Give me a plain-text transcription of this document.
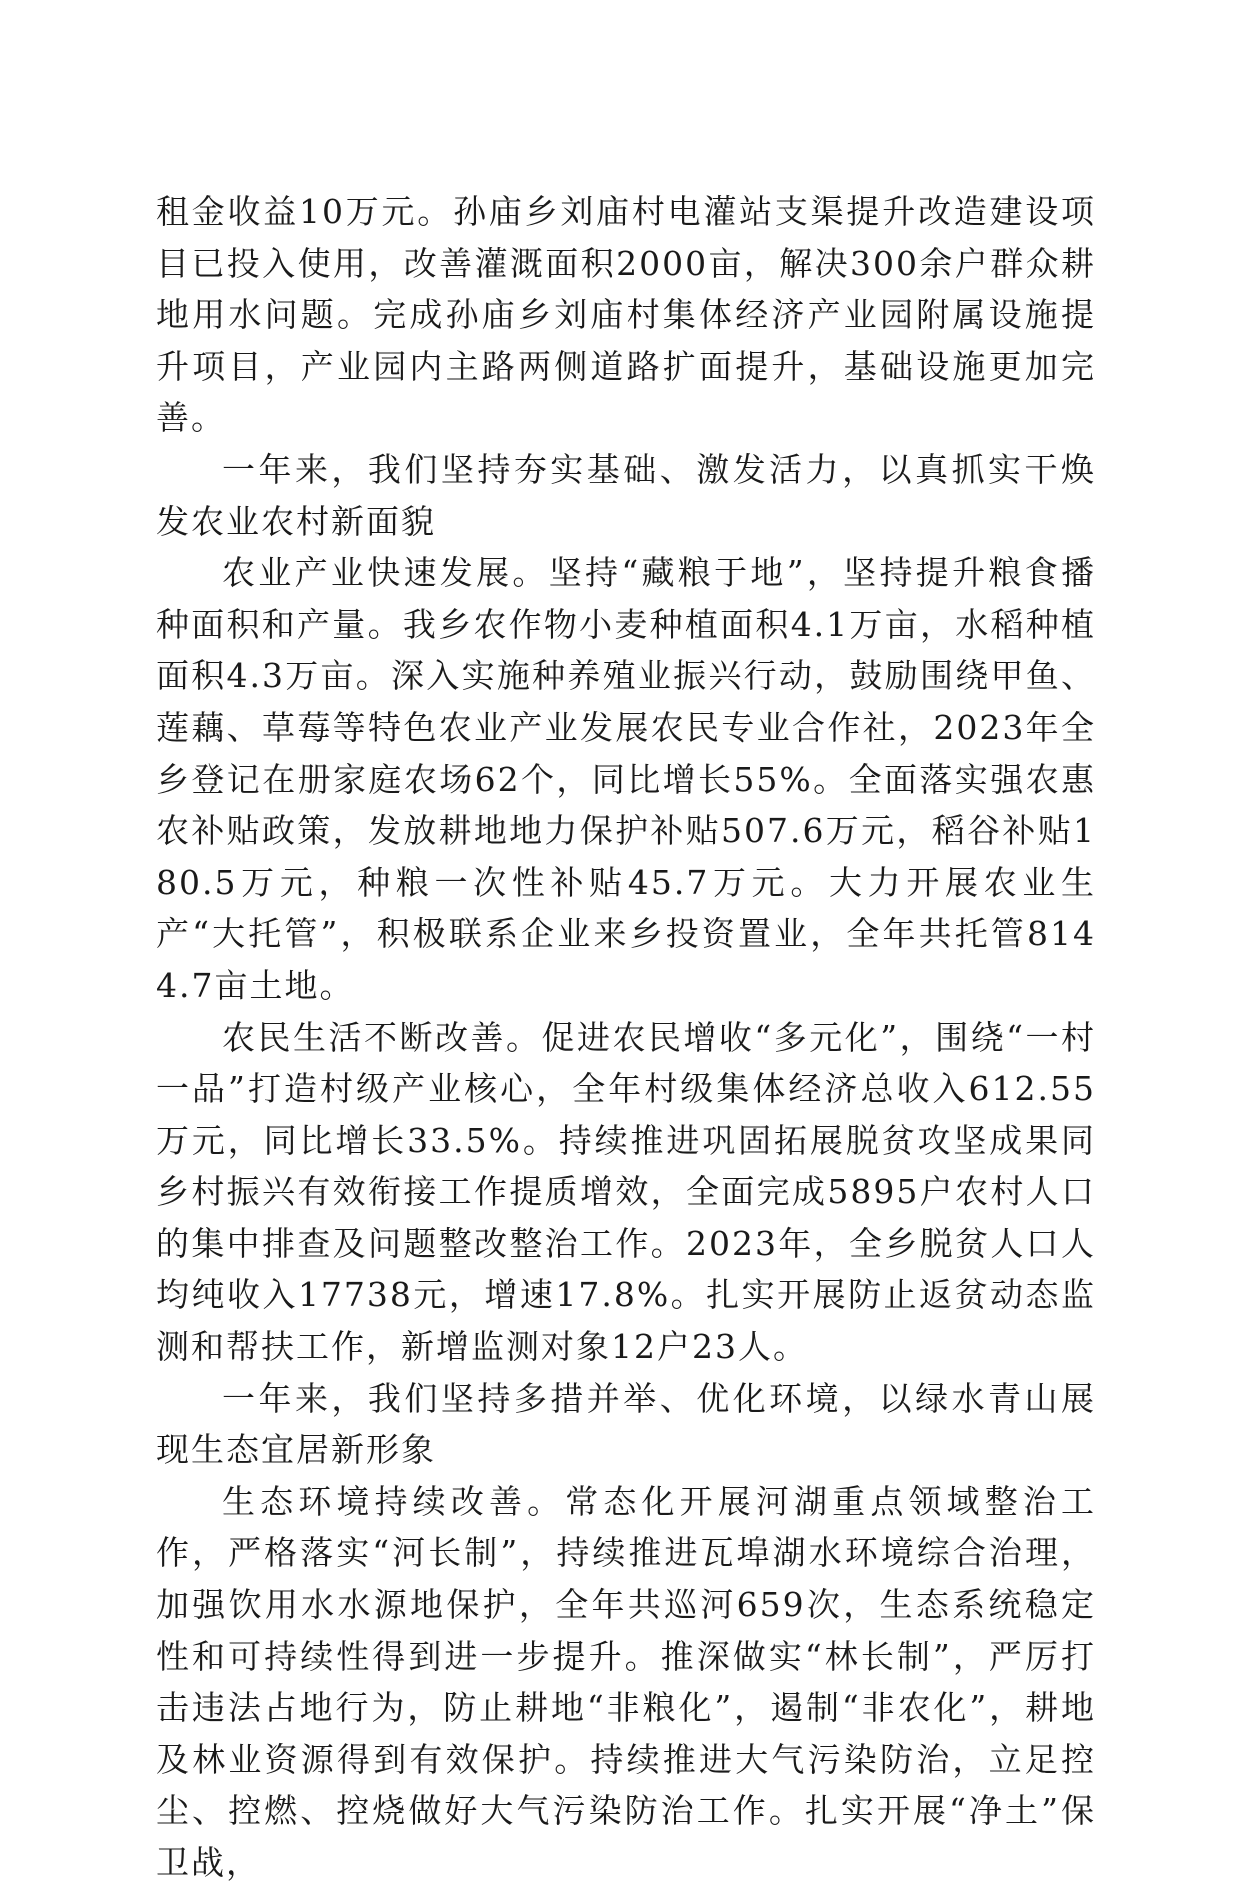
租金收益10万元。孙庙乡刘庙村电灌站支渠提升改造建设项目已投入使用，改善灌溉面积2000亩，解决300余户群众耕地用水问题。完成孙庙乡刘庙村集体经济产业园附属设施提升项目，产业园内主路两侧道路扩面提升，基础设施更加完善。

一年来，我们坚持夯实基础、激发活力，以真抓实干焕发农业农村新面貌

农业产业快速发展。坚持“藏粮于地”，坚持提升粮食播种面积和产量。我乡农作物小麦种植面积4.1万亩，水稻种植面积4.3万亩。深入实施种养殖业振兴行动，鼓励围绕甲鱼、莲藕、草莓等特色农业产业发展农民专业合作社，2023年全乡登记在册家庭农场62个，同比增长55%。全面落实强农惠农补贴政策，发放耕地地力保护补贴507.6万元，稻谷补贴180.5万元，种粮一次性补贴45.7万元。大力开展农业生产“大托管”，积极联系企业来乡投资置业，全年共托管8144.7亩土地。

农民生活不断改善。促进农民增收“多元化”，围绕“一村一品”打造村级产业核心，全年村级集体经济总收入612.55万元，同比增长33.5%。持续推进巩固拓展脱贫攻坚成果同乡村振兴有效衔接工作提质增效，全面完成5895户农村人口的集中排查及问题整改整治工作。2023年，全乡脱贫人口人均纯收入17738元，增速17.8%。扎实开展防止返贫动态监测和帮扶工作，新增监测对象12户23人。

一年来，我们坚持多措并举、优化环境，以绿水青山展现生态宜居新形象

生态环境持续改善。常态化开展河湖重点领域整治工作，严格落实“河长制”，持续推进瓦埠湖水环境综合治理，加强饮用水水源地保护，全年共巡河659次，生态系统稳定性和可持续性得到进一步提升。推深做实“林长制”，严厉打击违法占地行为，防止耕地“非粮化”，遏制“非农化”，耕地及林业资源得到有效保护。持续推进大气污染防治，立足控尘、控燃、控烧做好大气污染防治工作。扎实开展“净土”保卫战，
